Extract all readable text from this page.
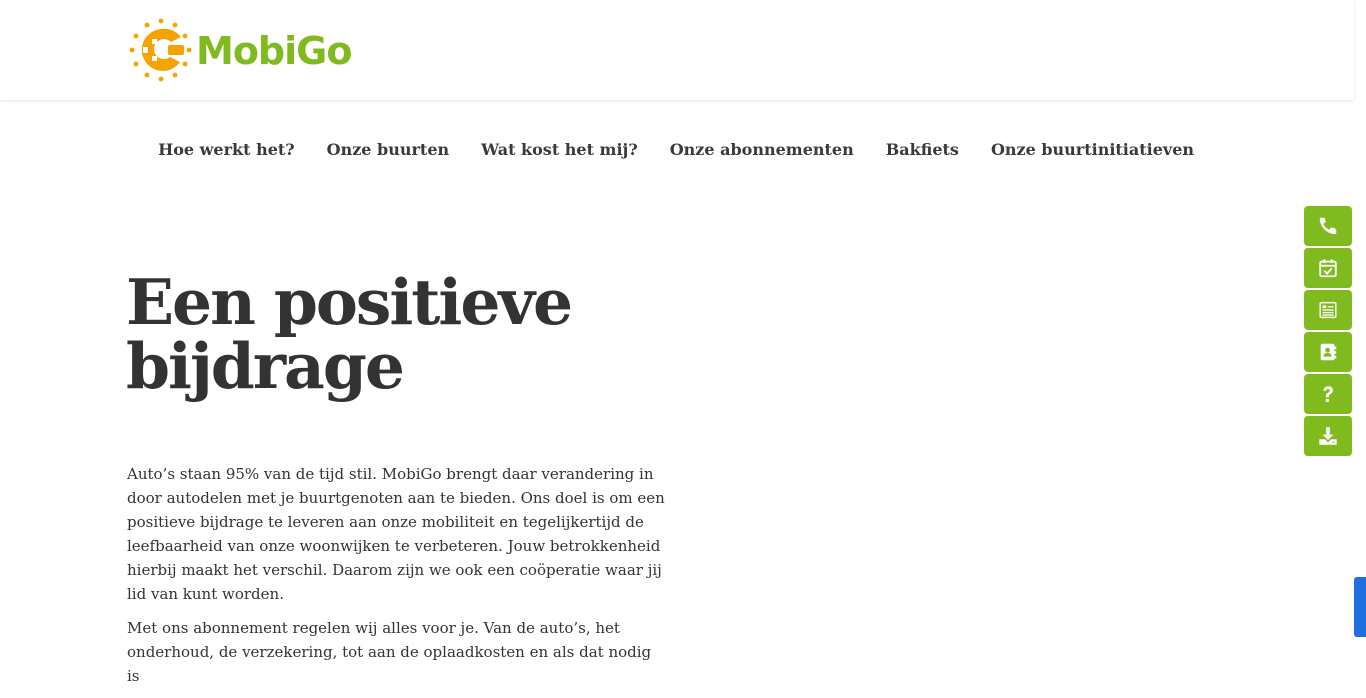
MobiGo
Hoe werkt het?	Onze buurten	Wat kost het mij?	Onze abonnementen	Bakfiets	Onze buurtinitiatieven
Een positieve
bijdrage

Auto’s staan 95% van de tijd stil. MobiGo brengt daar verandering in door autodelen met je buurtgenoten aan te bieden. Ons doel is om een positieve bijdrage te leveren aan onze mobiliteit en tegelijkertijd de leefbaarheid van onze woonwijken te verbeteren. Jouw betrokkenheid hierbij maakt het verschil. Daarom zijn we ook een coöperatie waar jij lid van kunt worden.

Met ons abonnement regelen wij alles voor je. Van de auto’s, het onderhoud, de verzekering, tot aan de oplaadkosten en als dat nodig is
